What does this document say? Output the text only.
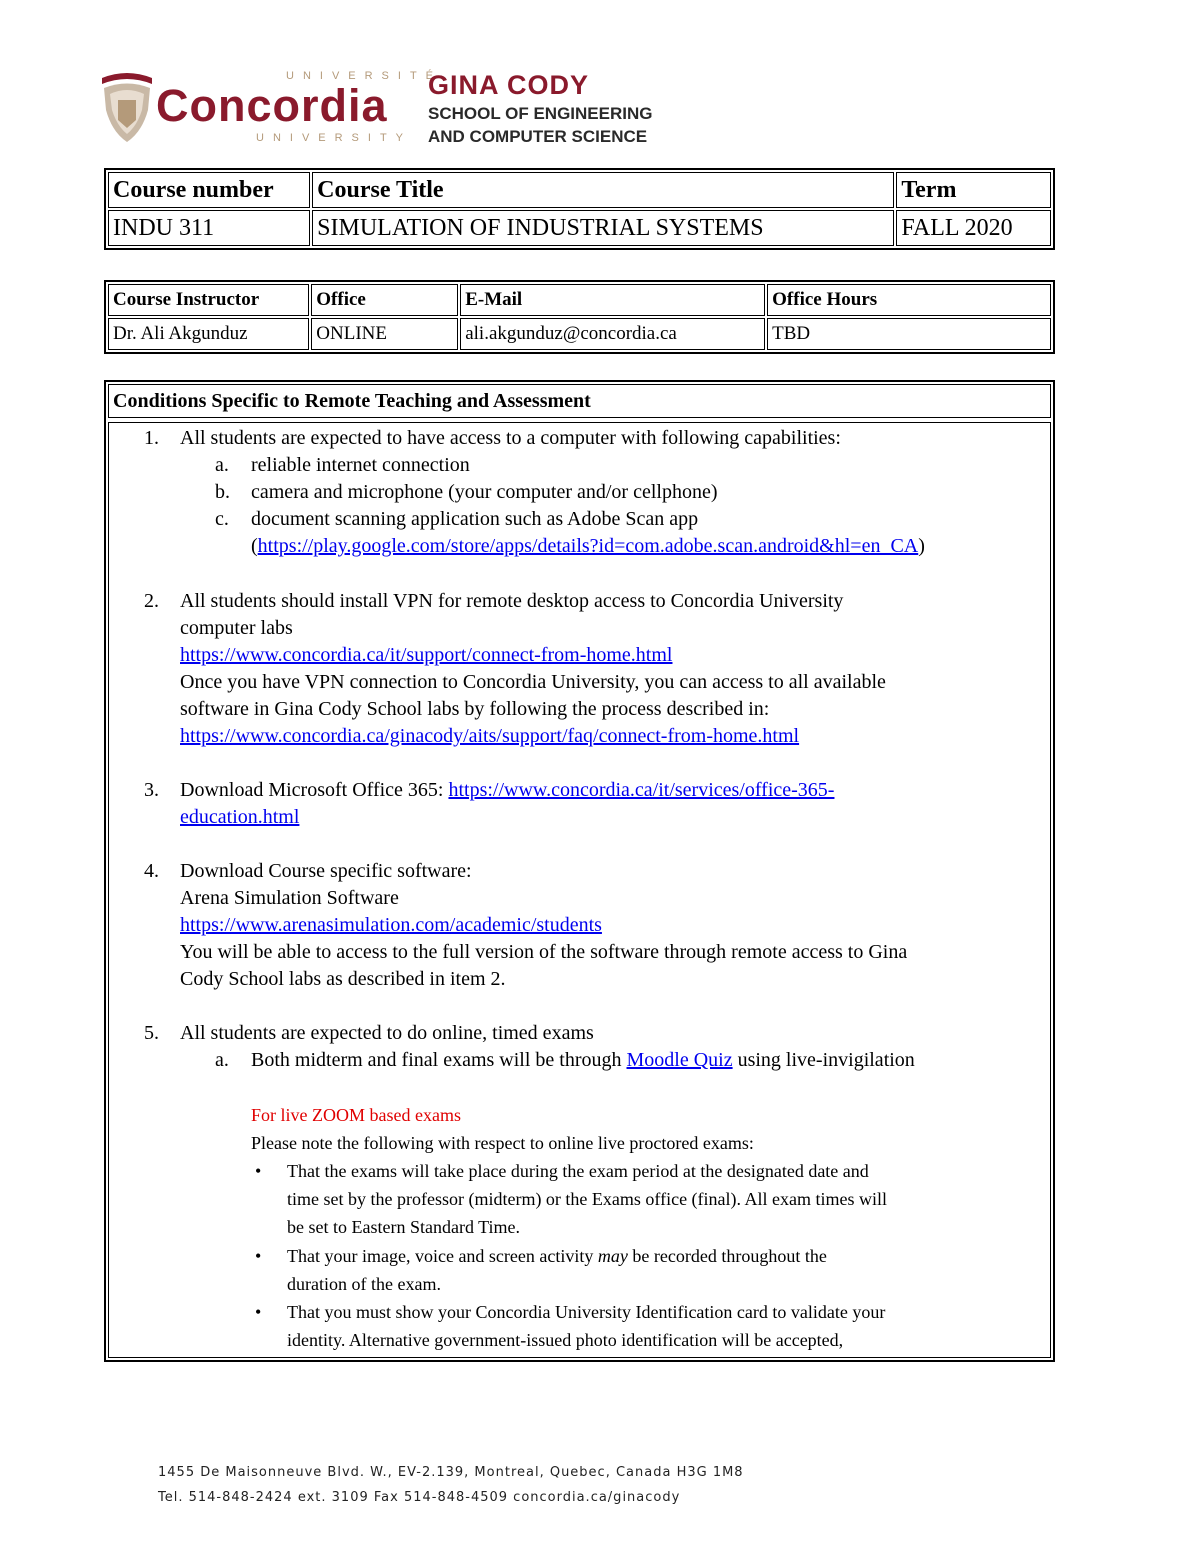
UNIVERSITÉ
Concordia
UNIVERSITY
GINA CODY
SCHOOL OF ENGINEERING
AND COMPUTER SCIENCE
Course number	Course Title	Term
INDU 311	SIMULATION OF INDUSTRIAL SYSTEMS	FALL 2020
Course Instructor	Office	E-Mail	Office Hours
Dr. Ali Akgunduz	ONLINE	ali.akgunduz@concordia.ca	TBD
Conditions Specific to Remote Teaching and Assessment
1. All students are expected to have access to a computer with following capabilities:
a. reliable internet connection
b. camera and microphone (your computer and/or cellphone)
c. document scanning application such as Adobe Scan app
(https://play.google.com/store/apps/details?id=com.adobe.scan.android&hl=en_CA)
2. All students should install VPN for remote desktop access to Concordia University
computer labs
https://www.concordia.ca/it/support/connect-from-home.html
Once you have VPN connection to Concordia University, you can access to all available
software in Gina Cody School labs by following the process described in:
https://www.concordia.ca/ginacody/aits/support/faq/connect-from-home.html
3. Download Microsoft Office 365: https://www.concordia.ca/it/services/office-365-
education.html
4. Download Course specific software:
Arena Simulation Software
https://www.arenasimulation.com/academic/students
You will be able to access to the full version of the software through remote access to Gina
Cody School labs as described in item 2.
5. All students are expected to do online, timed exams
a. Both midterm and final exams will be through Moodle Quiz using live-invigilation
For live ZOOM based exams
Please note the following with respect to online live proctored exams:
• That the exams will take place during the exam period at the designated date and
time set by the professor (midterm) or the Exams office (final). All exam times will
be set to Eastern Standard Time.
• That your image, voice and screen activity may be recorded throughout the
duration of the exam.
• That you must show your Concordia University Identification card to validate your
identity. Alternative government-issued photo identification will be accepted,
1455 De Maisonneuve Blvd. W., EV-2.139, Montreal, Quebec, Canada H3G 1M8
Tel. 514-848-2424 ext. 3109 Fax 514-848-4509 concordia.ca/ginacody
